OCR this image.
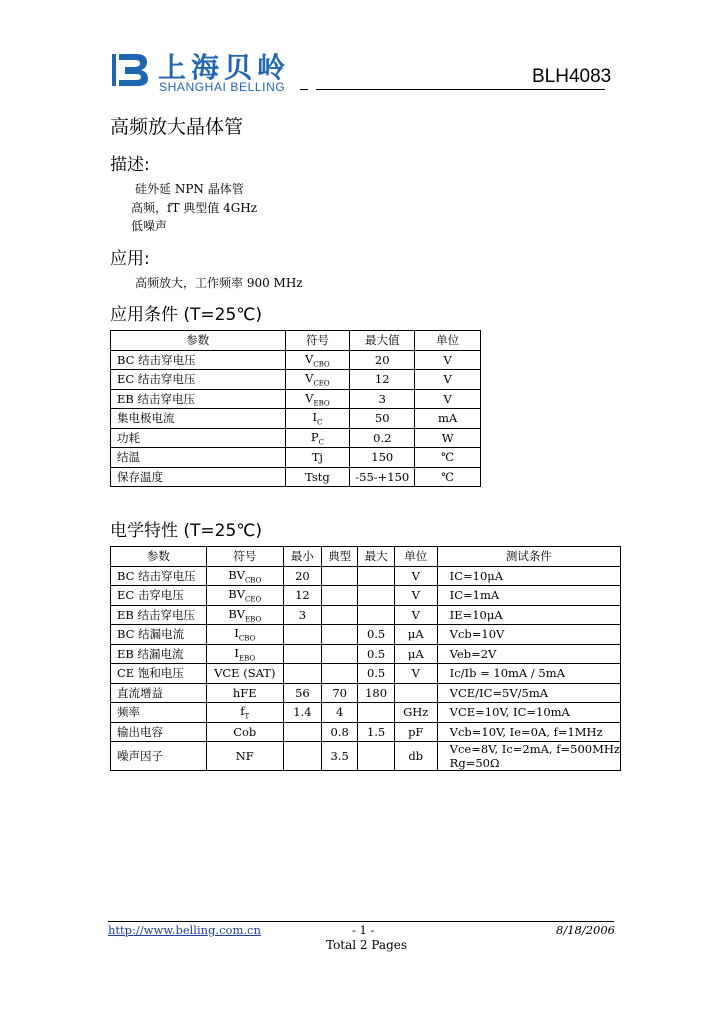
上海贝岭
SHANGHAI BELLING	BLH4083
高频放大晶体管
描述:
硅外延 NPN 晶体管
高频，fT 典型值 4GHz
低噪声
应用:
高频放大，工作频率 900 MHz
应用条件 (T=25℃)
参数	符号	最大值	单位
BC 结击穿电压	$V_{CBO}$	20	V
EC 结击穿电压	$V_{CEO}$	12	V
EB 结击穿电压	$V_{EBO}$	3	V
集电极电流	$I_C$	50	mA
功耗	$P_C$	0.2	W
结温	Tj	150	℃
保存温度	Tstg	-55-+150	℃
电学特性 (T=25℃)
参数	符号	最小	典型	最大	单位	测试条件
BC 结击穿电压	$BV_{CBO}$	20			V	IC=10μA

EC 击穿电压	$BV_{CEO}$	12			V	IC=1mA

EB 结击穿电压	$BV_{EBO}$	3			V	IE=10μA

BC 结漏电流	$I_{CBO}$			0.5	μA	Vcb=10V

EB 结漏电流	$I_{EBO}$			0.5	μA	Veb=2V

CE 饱和电压	VCE (SAT)			0.5	V	Ic/Ib = 10mA / 5mA

直流增益	hFE	56	70	180		VCE/IC=5V/5mA

频率	$f_T$	1.4	4		GHz	VCE=10V, IC=10mA

输出电容	Cob		0.8	1.5	pF	Vcb=10V, Ie=0A, f=1MHz

噪声因子	NF		3.5		db	Vce=8V, Ic=2mA, f=500MHz
Rg=50Ω
http://www.belling.com.cn	- 1 -	8/18/2006
Total 2 Pages
